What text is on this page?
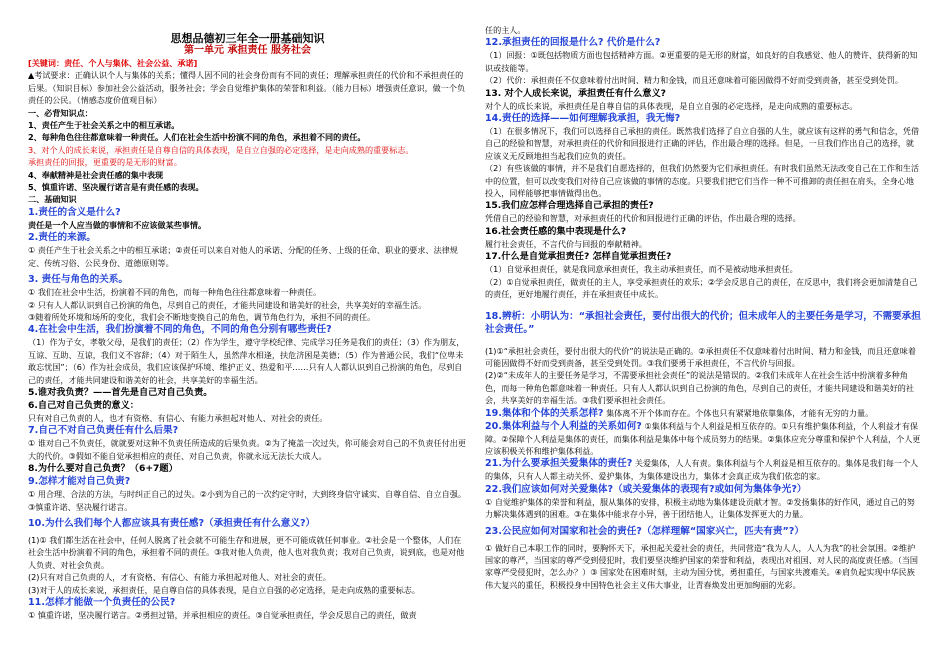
思想品德初三年全一册基础知识
第一单元 承担责任 服务社会

[关键词：责任、个人与集体、社会公益、承诺]

▲考试要求：正确认识个人与集体的关系；懂得人因不同的社会身份而有不同的责任；理解承担责任的代价和不承担责任的后果。（知识目标）参加社会公益活动，服务社会；学会自觉维护集体的荣誉和利益。（能力目标）增强责任意识，做一个负责任的公民。（情感态度价值观目标）

一、必背知识点：

1、责任产生于社会关系之中的相互承诺。

2、每种角色往往都意味着一种责任。人们在社会生活中扮演不同的角色，承担着不同的责任。

3、对个人的成长来说，承担责任是自尊自信的具体表现，是自立自强的必定选择，是走向成熟的重要标志。

承担责任的回报，更重要的是无形的财富。

4、奉献精神是社会责任感的集中表现

5、慎重许诺、坚决履行诺言是有责任感的表现。

二、基础知识

1.责任的含义是什么?

责任是一个人应当做的事情和不应该做某些事情。

2.责任的来源。

① 责任产生于社会关系之中的相互承诺；②责任可以来自对他人的承诺、分配的任务、上级的任命、职业的要求、法律规定、传统习俗、公民身份、道德原则等。

3. 责任与角色的关系。

① 我们在社会中生活，扮演着不同的角色，而每一种角色往往都意味着一种责任。

② 只有人人都认识到自己扮演的角色，尽到自己的责任，才能共同建设和谐美好的社会，共享美好的幸福生活。

③随着所处环境和场所的变化，我们会不断地变换自己的角色，调节角色行为，承担不同的责任。

4.在社会中生活，我们扮演着不同的角色，不同的角色分别有哪些责任?

（1）作为子女，孝敬父母，是我们的责任；（2）作为学生，遵守学校纪律、完成学习任务是我们的责任；（3）作为朋友，互谅、互助、互谅，我们义不容辞；（4）对于陌生人，虽然萍水相逢，扶危济困是美德；（5）作为普通公民，我们“位卑未敢忘忧国”；（6）作为社会成员，我们应该保护环境、维护正义、热爱和平……只有人人都认识到自己扮演的角色，尽到自己的责任，才能共同建设和谐美好的社会，共享美好的幸福生活。

5.谁对我负责？——首先是自己对自己负责。

6.自己对自己负责的意义：

只有对自己负责的人，也才有资格、有信心、有能力承担起对他人、对社会的责任。

7.自己不对自己负责任有什么后果?

① 谁对自己不负责任，就就要对这种不负责任所造成的后果负责。②为了掩盖一次过失，你可能会对自己的不负责任付出更大的代价。③假如不能自觉承担相应的责任、对自己负责，你就永远无法长大成人。

8.为什么要对自己负责？（6+7题）

9.怎样才能对自己负责?

① 用合理、合法的方法，与时纠正自己的过失。②小到为自己的一次约定守时，大到终身信守诚实、自尊自信、自立自强。③慎重许诺、坚决履行诺言。

10.为什么我们每个人都应该具有责任感?（承担责任有什么意义?）

(1)① 我们都生活在社会中，任何人脱离了社会就不可能生存和进展，更不可能成就任何事业。②社会是一个整体，人们在社会生活中扮演着不同的角色，承担着不同的责任。③我对他人负责，他人也对我负责；我对自己负责，说到底，也是对他人负责、对社会负责。

(2)只有对自己负责的人，才有资格、有信心、有能力承担起对他人、对社会的责任。

(3)对于人的成长来说，承担责任，是自尊自信的具体表现，是自立自强的必定选择，是走向成熟的重要标志。

11.怎样才能做一个负责任的公民?

① 慎重许诺，坚决履行诺言。②勇担过错，并承担相应的责任。③自觉承担责任，学会反思自己的责任，做责

任的主人。

12.承担责任的回报是什么? 代价是什么?

（1）回报：①既包括物质方面也包括精神方面。②更重要的是无形的财富，如良好的自我感觉、他人的赞许、获得新的知识或技能等。

（2）代价：承担责任不仅意味着付出时间、精力和金钱，而且还意味着可能因做得不好而受到责备，甚至受到处罚。

13. 对个人成长来说，承担责任有什么意义?

对个人的成长来说，承担责任是自尊自信的具体表现，是自立自强的必定选择，是走向成熟的重要标志。

14.责任的选择——如何理解我承担，我无悔?

（1）在很多情况下，我们可以选择自己承担的责任。既然我们选择了自立自强的人生，就应该有这样的勇气和信念，凭借自己的经验和智慧，对承担责任的代价和回报进行正确的评估，作出最合理的选择。但是，一旦我们作出自己的选择，就应该义无反顾地担当起我们应负的责任。

（2）有些该做的事情，并不是我们自愿选择的，但我们仍然要为它们承担责任。有时我们虽然无法改变自己在工作和生活中的位置，但可以改变我们对待自己应该做的事情的态度。只要我们把它们当作一种不可推卸的责任担在肩头，全身心地投入，同样能够把事情做得出色。

15.我们应怎样合理选择自己承担的责任?

凭借自己的经验和智慧，对承担责任的代价和回报进行正确的评估，作出最合理的选择。

16.社会责任感的集中表现是什么?

履行社会责任，不言代价与回报的奉献精神。

17.什么是自觉承担责任? 怎样自觉承担责任?

（1）自觉承担责任，就是我同意承担责任，我主动承担责任，而不是被动地承担责任。

（2）①自觉承担责任，做责任的主人，享受承担责任的欢乐；②学会反思自己的责任，在反思中，我们将会更加清楚自己的责任，更好地履行责任，并在承担责任中成长。

18.辨析：小明认为：“承担社会责任，要付出很大的代价；但未成年人的主要任务是学习，不需要承担社会责任。”

(1)①“承担社会责任，要付出很大的代价”的说法是正确的。②承担责任不仅意味着付出时间、精力和金钱，而且还意味着可能因做得不好而受到责备，甚至受到处罚。③我们要勇于承担责任，不言代价与回报。

(2)②“未成年人的主要任务是学习，不需要承担社会责任”的说法是错误的。②我们未成年人在社会生活中扮演着多种角色，而每一种角色都意味着一种责任。只有人人都认识到自己扮演的角色，尽到自己的责任，才能共同建设和谐美好的社会，共享美好的幸福生活。③我们要承担社会责任。

19.集体和个体的关系怎样? 集体离不开个体而存在。个体也只有紧紧地依靠集体，才能有无穷的力量。

20.集体利益与个人利益的关系如何? ①集体利益与个人利益是相互依存的。①只有维护集体利益，个人利益才有保障。②保障个人利益是集体的责任，而集体利益是集体中每个成员努力的结果。②集体应充分尊重和保护个人利益，个人更应该积极关怀和维护集体利益。

21.为什么要承担关爱集体的责任? 关爱集体，人人有责。集体利益与个人利益是相互依存的。集体是我们每一个人的集体，只有人人都主动关怀、爱护集体，为集体建设出力，集体才会真正成为我们依恋的家。

22.我们应该如何对关爱集体?（或关爱集体的表现有?或如何为集体争光?）

① 自觉维护集体的荣誉和利益，服从集体的安排，积极主动地为集体建设贡献才智。②发扬集体的好作风，通过自己的努力解决集体遇到的困难。③在集体中能求存小异，善于团结他人，让集体发挥更大的力量。

23.公民应如何对国家和社会的责任?（怎样理解“国家兴亡，匹夫有责”?）

① 做好自己本职工作的同时，要胸怀天下，承担起关爱社会的责任，共同营造“我为人人，人人为我”的社会氛围。②维护国家的尊严，当国家的尊严受到侵犯时，我们要坚决维护国家的荣誉和利益，表现出对祖国、对人民的高度责任感。（当国家尊严受侵犯时，怎么办？）③ 国家处在困难时刻，主动为国分忧，勇担重任，与国家共渡难关。④肩负起实现中华民族伟大复兴的重任，积极投身中国特色社会主义伟大事业，让青春焕发出更加绚丽的光彩。
